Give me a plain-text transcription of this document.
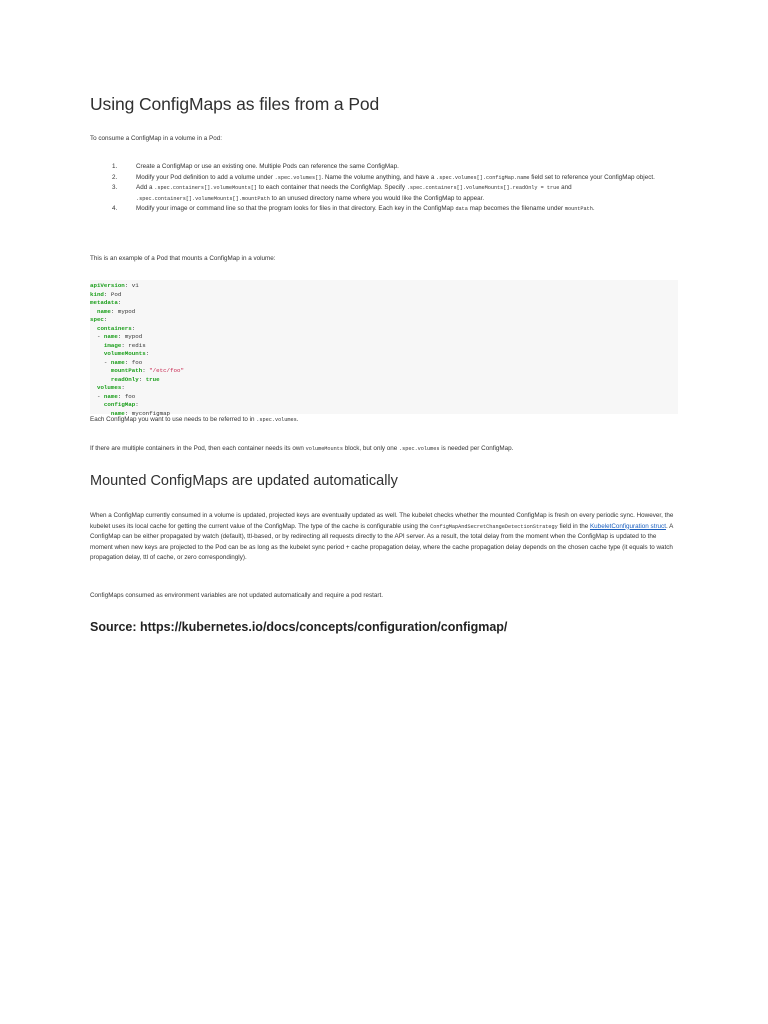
Using ConfigMaps as files from a Pod
To consume a ConfigMap in a volume in a Pod:
1.	Create a ConfigMap or use an existing one. Multiple Pods can reference the same ConfigMap.
2.	Modify your Pod definition to add a volume under .spec.volumes[]. Name the volume anything, and have a .spec.volumes[].configMap.name field set to reference your ConfigMap object.
3.	Add a .spec.containers[].volumeMounts[] to each container that needs the ConfigMap. Specify .spec.containers[].volumeMounts[].readOnly = true and .spec.containers[].volumeMounts[].mountPath to an unused directory name where you would like the ConfigMap to appear.
4.	Modify your image or command line so that the program looks for files in that directory. Each key in the ConfigMap data map becomes the filename under mountPath.
This is an example of a Pod that mounts a ConfigMap in a volume:
apiVersion: v1
kind: Pod
metadata:
name: mypod
spec:
containers:
- name: mypod
image: redis
volumeMounts:
- name: foo
mountPath: "/etc/foo"
readOnly: true
volumes:
- name: foo
configMap:
name: myconfigmap
Each ConfigMap you want to use needs to be referred to in .spec.volumes.
If there are multiple containers in the Pod, then each container needs its own volumeMounts block, but only one .spec.volumes is needed per ConfigMap.
Mounted ConfigMaps are updated automatically
When a ConfigMap currently consumed in a volume is updated, projected keys are eventually updated as well. The kubelet checks whether the mounted ConfigMap is fresh on every periodic sync. However, the kubelet uses its local cache for getting the current value of the ConfigMap. The type of the cache is configurable using the ConfigMapAndSecretChangeDetectionStrategy field in the KubeletConfiguration struct. A ConfigMap can be either propagated by watch (default), ttl-based, or by redirecting all requests directly to the API server. As a result, the total delay from the moment when the ConfigMap is updated to the moment when new keys are projected to the Pod can be as long as the kubelet sync period + cache propagation delay, where the cache propagation delay depends on the chosen cache type (it equals to watch propagation delay, ttl of cache, or zero correspondingly).
ConfigMaps consumed as environment variables are not updated automatically and require a pod restart.
Source: https://kubernetes.io/docs/concepts/configuration/configmap/
